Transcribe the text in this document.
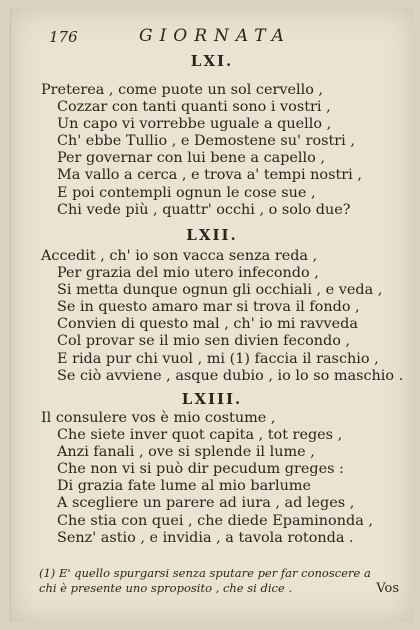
176	GIORNATA
LXI.
Preterea , come puote un sol cervello ,
Cozzar con tanti quanti sono i vostri ,
Un capo vi vorrebbe uguale a quello ,
Ch' ebbe Tullio , e Demostene su' rostri ,
Per governar con lui bene a capello ,
Ma vallo a cerca , e trova a' tempi nostri ,
E poi contempli ognun le cose sue ,
Chi vede più , quattr' occhi , o solo due?
LXII.
Accedit , ch' io son vacca senza reda ,
Per grazia del mio utero infecondo ,
Si metta dunque ognun gli occhiali , e veda ,
Se in questo amaro mar si trova il fondo ,
Convien di questo mal , ch' io mi ravveda
Col provar se il mio sen divien fecondo ,
E rida pur chi vuol , mi (1) faccia il raschio ,
Se ciò avviene , asque dubio , io lo so maschio .
LXIII.
Il consulere vos è mio costume ,
Che siete inver quot capita , tot reges ,
Anzi fanali , ove si splende il lume ,
Che non vi si può dir pecudum greges :
Di grazia fate lume al mio barlume
A scegliere un parere ad iura , ad leges ,
Che stia con quei , che diede Epaminonda ,
Senz' astio , e invidia , a tavola rotonda .
(1) E' quello spurgarsi senza sputare per far conoscere a
chi è presente uno sproposito , che si dice .	Vos
